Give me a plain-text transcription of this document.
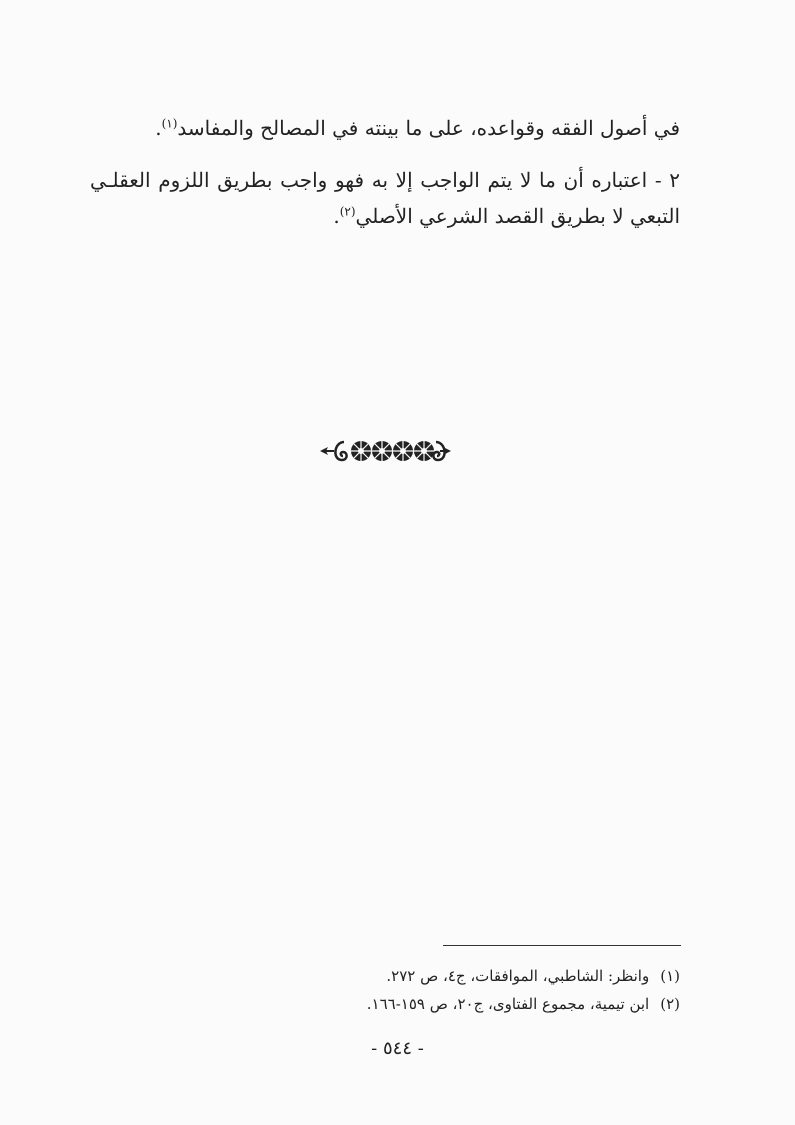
في أصول الفقه وقواعده، على ما بينته في المصالح والمفاسد$^{(١)}$.
٢ - اعتباره أن ما لا يتم الواجب إلا به فهو واجب بطريق اللزوم العقلـي
التبعي لا بطريق القصد الشرعي الأصلي$^{(٢)}$.
(١) وانظر: الشاطبي، الموافقات، ج٤، ص ٢٧٢.
(٢) ابن تيمية، مجموع الفتاوى، ج٢٠، ص ١٥٩-١٦٦.
- ٥٤٤ -
